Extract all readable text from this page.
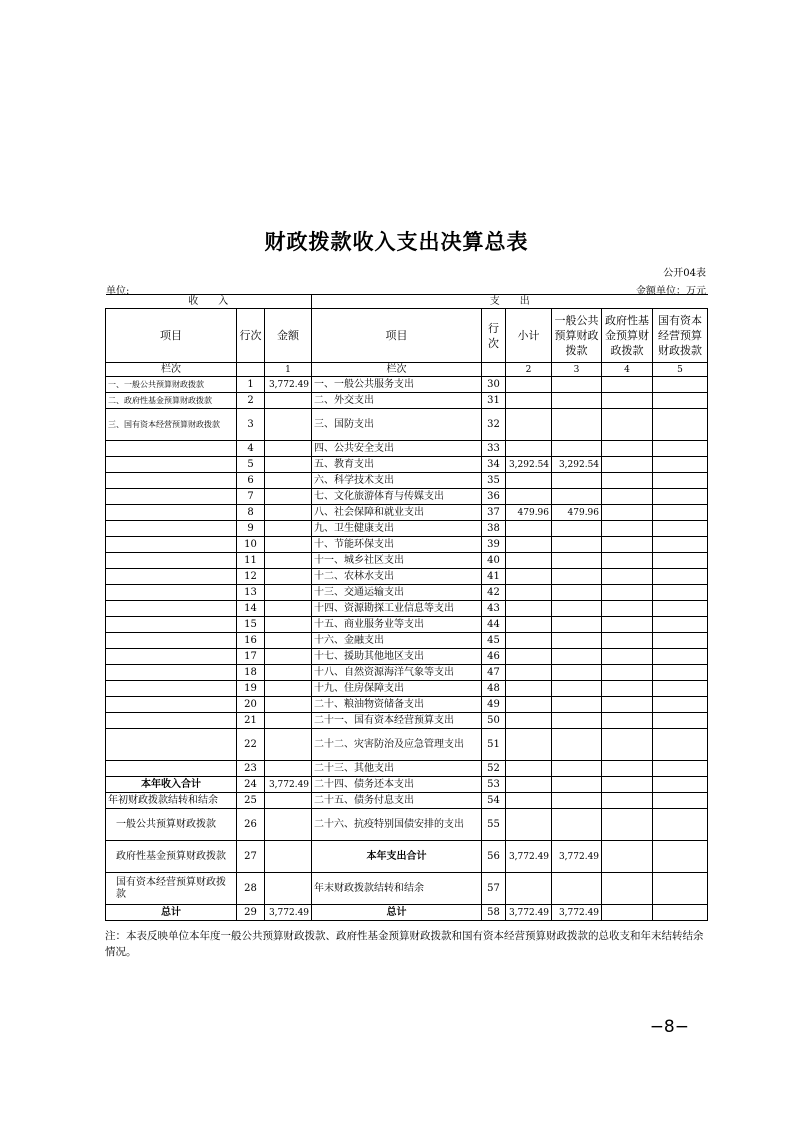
财政拨款收入支出决算总表
公开04表
单位:	金额单位：万元
收　　入			支　　出					
项目	行次	金额	项目	行次	小计	一般公共预算财政拨款	政府性基金预算财政拨款	国有资本经营预算财政拨款
栏次		1	栏次		2	3	4	5
一、一般公共预算财政拨款	1	3,772.49	一、一般公共服务支出	30				
二、政府性基金预算财政拨款	2		二、外交支出	31				
三、国有资本经营预算财政拨款	3		三、国防支出	32				
	4		四、公共安全支出	33				
	5		五、教育支出	34	3,292.54	3,292.54		
	6		六、科学技术支出	35				
	7		七、文化旅游体育与传媒支出	36				
	8		八、社会保障和就业支出	37	479.96	479.96		
	9		九、卫生健康支出	38				
	10		十、节能环保支出	39				
	11		十一、城乡社区支出	40				
	12		十二、农林水支出	41				
	13		十三、交通运输支出	42				
	14		十四、资源勘探工业信息等支出	43				
	15		十五、商业服务业等支出	44				
	16		十六、金融支出	45				
	17		十七、援助其他地区支出	46				
	18		十八、自然资源海洋气象等支出	47				
	19		十九、住房保障支出	48				
	20		二十、粮油物资储备支出	49				
	21		二十一、国有资本经营预算支出	50				
	22		二十二、灾害防治及应急管理支出	51				
	23		二十三、其他支出	52				
本年收入合计	24	3,772.49	二十四、债务还本支出	53				
年初财政拨款结转和结余	25		二十五、债务付息支出	54				
一般公共预算财政拨款	26		二十六、抗疫特别国债安排的支出	55				
政府性基金预算财政拨款	27		本年支出合计	56	3,772.49	3,772.49		
国有资本经营预算财政拨款	28		年末财政拨款结转和结余	57				
总计	29	3,772.49	总计	58	3,772.49	3,772.49		
注：本表反映单位本年度一般公共预算财政拨款、政府性基金预算财政拨款和国有资本经营预算财政拨款的总收支和年末结转结余情况。
−8−
